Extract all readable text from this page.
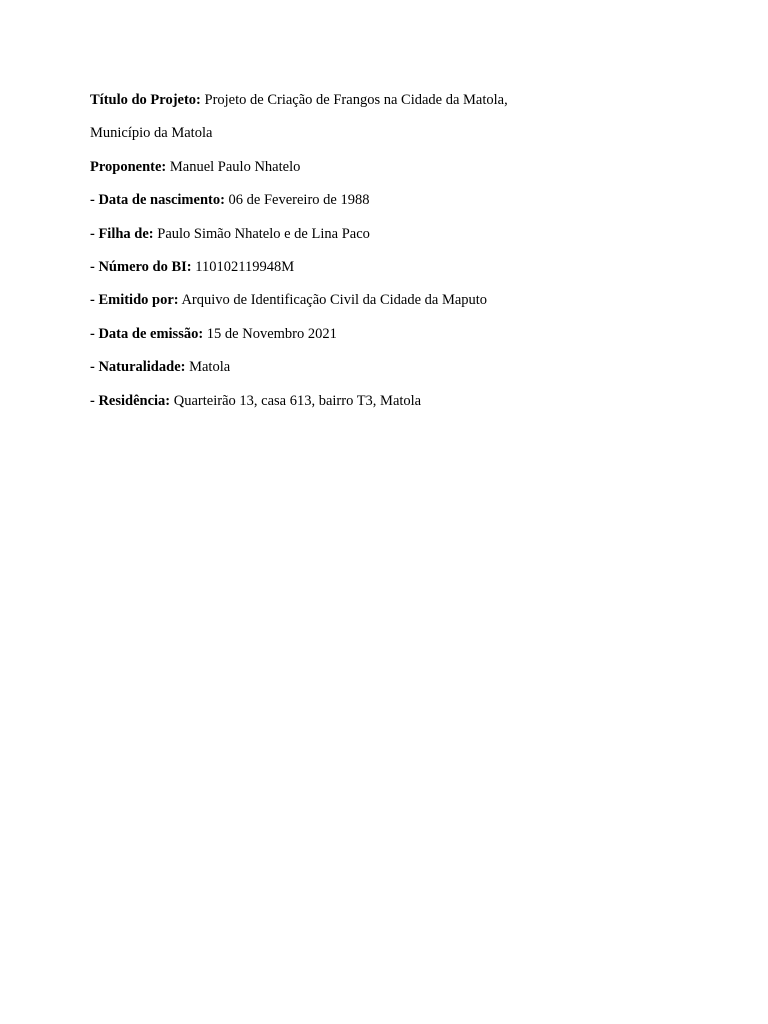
Título do Projeto: Projeto de Criação de Frangos na Cidade da Matola,
Município da Matola
Proponente: Manuel Paulo Nhatelo
- Data de nascimento: 06 de Fevereiro de 1988
- Filha de: Paulo Simão Nhatelo e de Lina Paco
- Número do BI: 110102119948M
- Emitido por: Arquivo de Identificação Civil da Cidade da Maputo
- Data de emissão: 15 de Novembro 2021
- Naturalidade: Matola
- Residência: Quarteirão 13, casa 613, bairro T3, Matola
